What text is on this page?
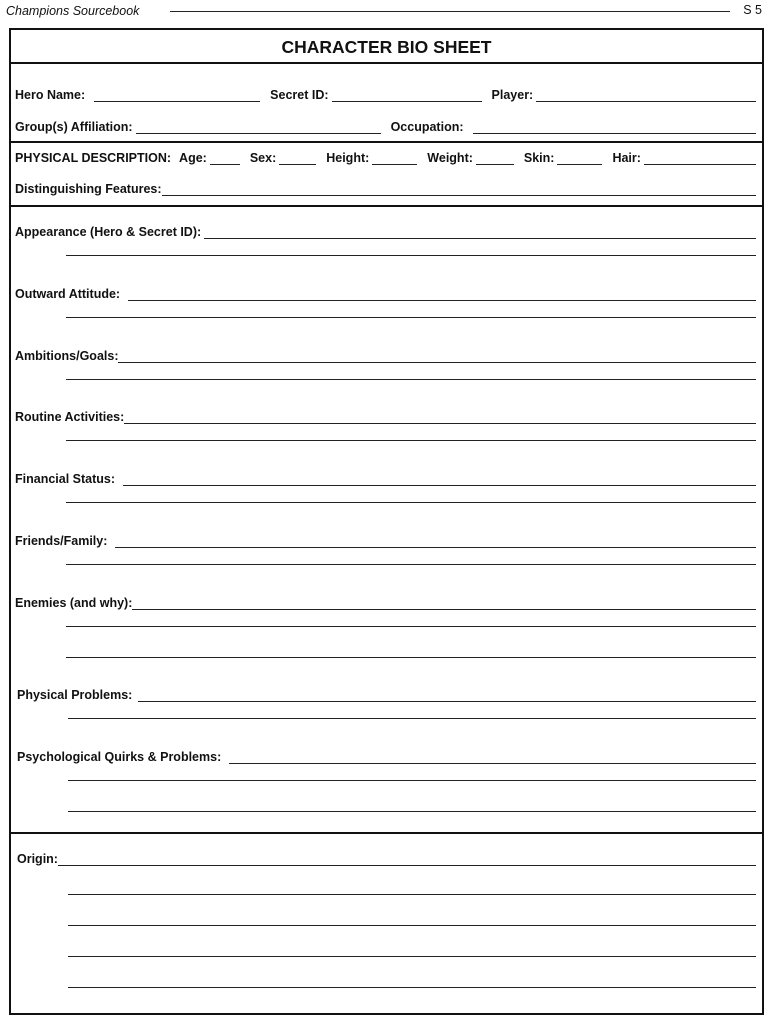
Champions Sourcebook	S 5
CHARACTER BIO SHEET
Hero Name:	Secret ID:	Player:
Group(s) Affiliation:	Occupation:
PHYSICAL DESCRIPTION: Age:	Sex:	Height:	Weight:	Skin:	Hair:
Distinguishing Features:
Appearance (Hero & Secret ID):
Outward Attitude:
Ambitions/Goals:
Routine Activities:
Financial Status:
Friends/Family:
Enemies (and why):
Physical Problems:
Psychological Quirks & Problems:
Origin:
